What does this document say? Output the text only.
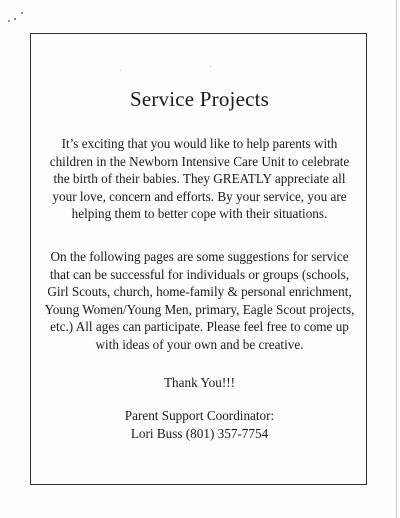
Service Projects
It’s exciting that you would like to help parents with children in the Newborn Intensive Care Unit to celebrate the birth of their babies. They GREATLY appreciate all your love, concern and efforts. By your service, you are helping them to better cope with their situations.
On the following pages are some suggestions for service that can be successful for individuals or groups (schools, Girl Scouts, church, home-family & personal enrichment, Young Women/Young Men, primary, Eagle Scout projects, etc.) All ages can participate. Please feel free to come up with ideas of your own and be creative.
Thank You!!!
Parent Support Coordinator:
Lori Buss (801) 357-7754
